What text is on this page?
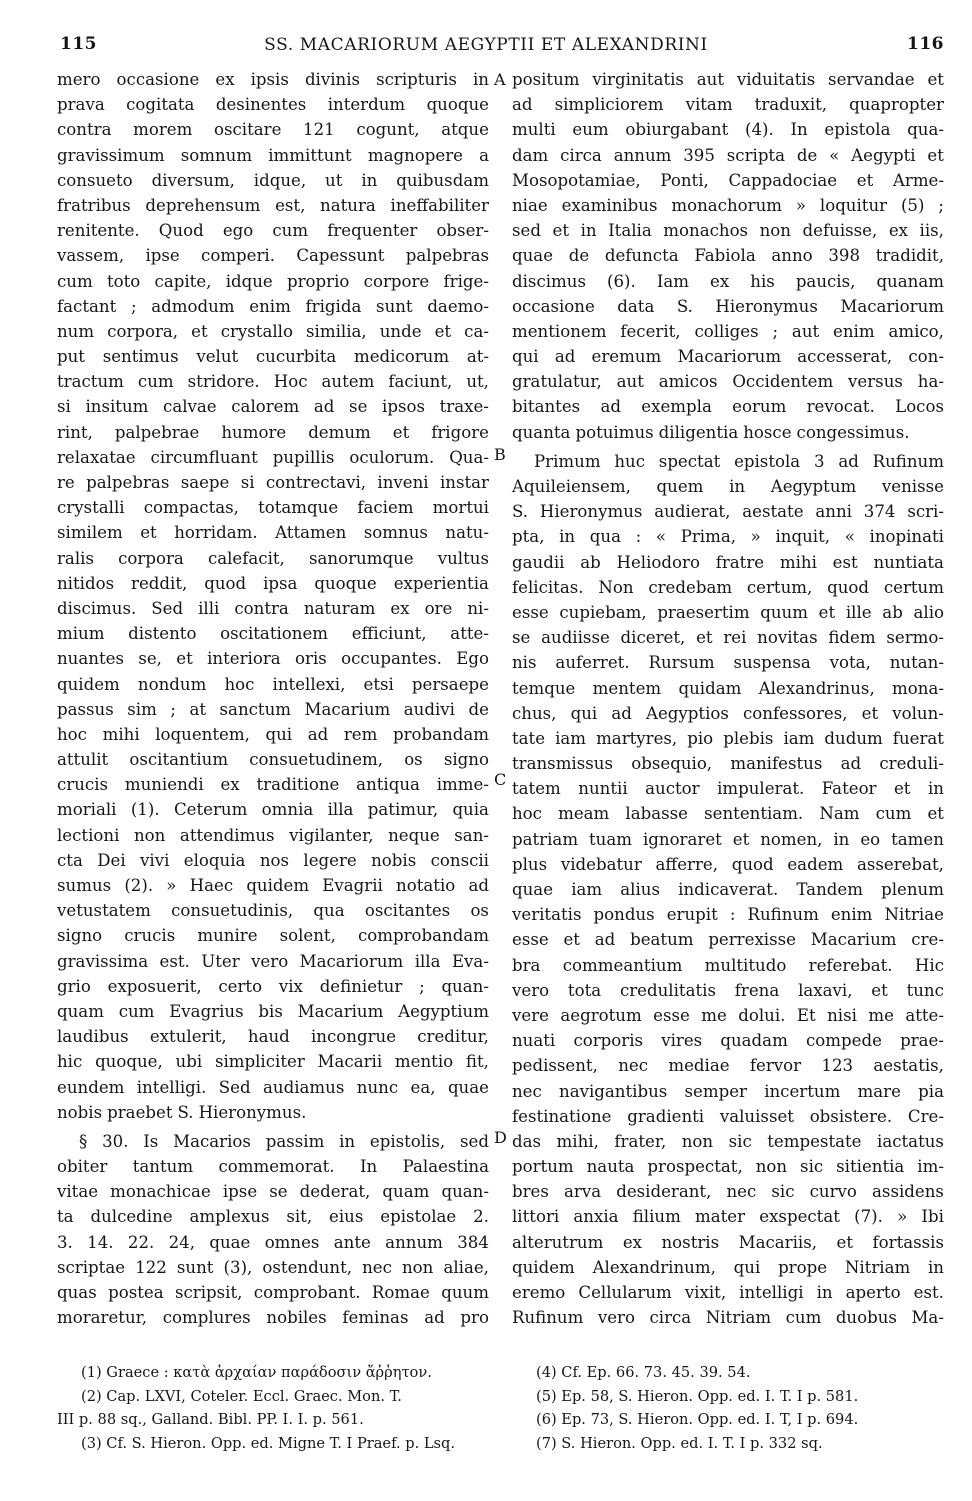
115	SS. MACARIORUM AEGYPTII ET ALEXANDRINI	116
A
B
C
D
mero occasione ex ipsis divinis scripturis in
prava cogitata desinentes interdum quoque
contra morem oscitare 121 cogunt, atque
gravissimum somnum immittunt magnopere a
consueto diversum, idque, ut in quibusdam
fratribus deprehensum est, natura ineffabiliter
renitente. Quod ego cum frequenter obser-
vassem, ipse comperi. Capessunt palpebras
cum toto capite, idque proprio corpore frige-
factant ; admodum enim frigida sunt daemo-
num corpora, et crystallo similia, unde et ca-
put sentimus velut cucurbita medicorum at-
tractum cum stridore. Hoc autem faciunt, ut,
si insitum calvae calorem ad se ipsos traxe-
rint, palpebrae humore demum et frigore
relaxatae circumfluant pupillis oculorum. Qua-
re palpebras saepe si contrectavi, inveni instar
crystalli compactas, totamque faciem mortui
similem et horridam. Attamen somnus natu-
ralis corpora calefacit, sanorumque vultus
nitidos reddit, quod ipsa quoque experientia
discimus. Sed illi contra naturam ex ore ni-
mium distento oscitationem efficiunt, atte-
nuantes se, et interiora oris occupantes. Ego
quidem nondum hoc intellexi, etsi persaepe
passus sim ; at sanctum Macarium audivi de
hoc mihi loquentem, qui ad rem probandam
attulit oscitantium consuetudinem, os signo
crucis muniendi ex traditione antiqua imme-
moriali (1). Ceterum omnia illa patimur, quia
lectioni non attendimus vigilanter, neque san-
cta Dei vivi eloquia nos legere nobis conscii
sumus (2). » Haec quidem Evagrii notatio ad
vetustatem consuetudinis, qua oscitantes os
signo crucis munire solent, comprobandam
gravissima est. Uter vero Macariorum illa Eva-
grio exposuerit, certo vix definietur ; quan-
quam cum Evagrius bis Macarium Aegyptium
laudibus extulerit, haud incongrue creditur,
hic quoque, ubi simpliciter Macarii mentio fit,
eundem intelligi. Sed audiamus nunc ea, quae
nobis praebet S. Hieronymus.
§ 30. Is Macarios passim in epistolis, sed
obiter tantum commemorat. In Palaestina
vitae monachicae ipse se dederat, quam quan-
ta dulcedine amplexus sit, eius epistolae 2.
3. 14. 22. 24, quae omnes ante annum 384
scriptae 122 sunt (3), ostendunt, nec non aliae,
quas postea scripsit, comprobant. Romae quum
moraretur, complures nobiles feminas ad pro
positum virginitatis aut viduitatis servandae et
ad simpliciorem vitam traduxit, quapropter
multi eum obiurgabant (4). In epistola qua-
dam circa annum 395 scripta de « Aegypti et
Mosopotamiae, Ponti, Cappadociae et Arme-
niae examinibus monachorum » loquitur (5) ;
sed et in Italia monachos non defuisse, ex iis,
quae de defuncta Fabiola anno 398 tradidit,
discimus (6). Iam ex his paucis, quanam
occasione data S. Hieronymus Macariorum
mentionem fecerit, colliges ; aut enim amico,
qui ad eremum Macariorum accesserat, con-
gratulatur, aut amicos Occidentem versus ha-
bitantes ad exempla eorum revocat. Locos
quanta potuimus diligentia hosce congessimus.
Primum huc spectat epistola 3 ad Rufinum
Aquileiensem, quem in Aegyptum venisse
S. Hieronymus audierat, aestate anni 374 scri-
pta, in qua : « Prima, » inquit, « inopinati
gaudii ab Heliodoro fratre mihi est nuntiata
felicitas. Non credebam certum, quod certum
esse cupiebam, praesertim quum et ille ab alio
se audiisse diceret, et rei novitas fidem sermo-
nis auferret. Rursum suspensa vota, nutan-
temque mentem quidam Alexandrinus, mona-
chus, qui ad Aegyptios confessores, et volun-
tate iam martyres, pio plebis iam dudum fuerat
transmissus obsequio, manifestus ad creduli-
tatem nuntii auctor impulerat. Fateor et in
hoc meam labasse sententiam. Nam cum et
patriam tuam ignoraret et nomen, in eo tamen
plus videbatur afferre, quod eadem asserebat,
quae iam alius indicaverat. Tandem plenum
veritatis pondus erupit : Rufinum enim Nitriae
esse et ad beatum perrexisse Macarium cre-
bra commeantium multitudo referebat. Hic
vero tota credulitatis frena laxavi, et tunc
vere aegrotum esse me dolui. Et nisi me atte-
nuati corporis vires quadam compede prae-
pedissent, nec mediae fervor 123 aestatis,
nec navigantibus semper incertum mare pia
festinatione gradienti valuisset obsistere. Cre-
das mihi, frater, non sic tempestate iactatus
portum nauta prospectat, non sic sitientia im-
bres arva desiderant, nec sic curvo assidens
littori anxia filium mater exspectat (7). » Ibi
alterutrum ex nostris Macariis, et fortassis
quidem Alexandrinum, qui prope Nitriam in
eremo Cellularum vixit, intelligi in aperto est.
Rufinum vero circa Nitriam cum duobus Ma-
(1) Graece : κατὰ ἀρχαίαν παράδοσιν ἄῤῥητον.
(2) Cap. LXVI, Coteler. Eccl. Graec. Mon. T.
III p. 88 sq., Galland. Bibl. PP. I. I. p. 561.
(3) Cf. S. Hieron. Opp. ed. Migne T. I Praef. p. Lsq.
(4) Cf. Ep. 66. 73. 45. 39. 54.
(5) Ep. 58, S. Hieron. Opp. ed. I. T. I p. 581.
(6) Ep. 73, S. Hieron. Opp. ed. I. T, I p. 694.
(7) S. Hieron. Opp. ed. I. T. I p. 332 sq.
